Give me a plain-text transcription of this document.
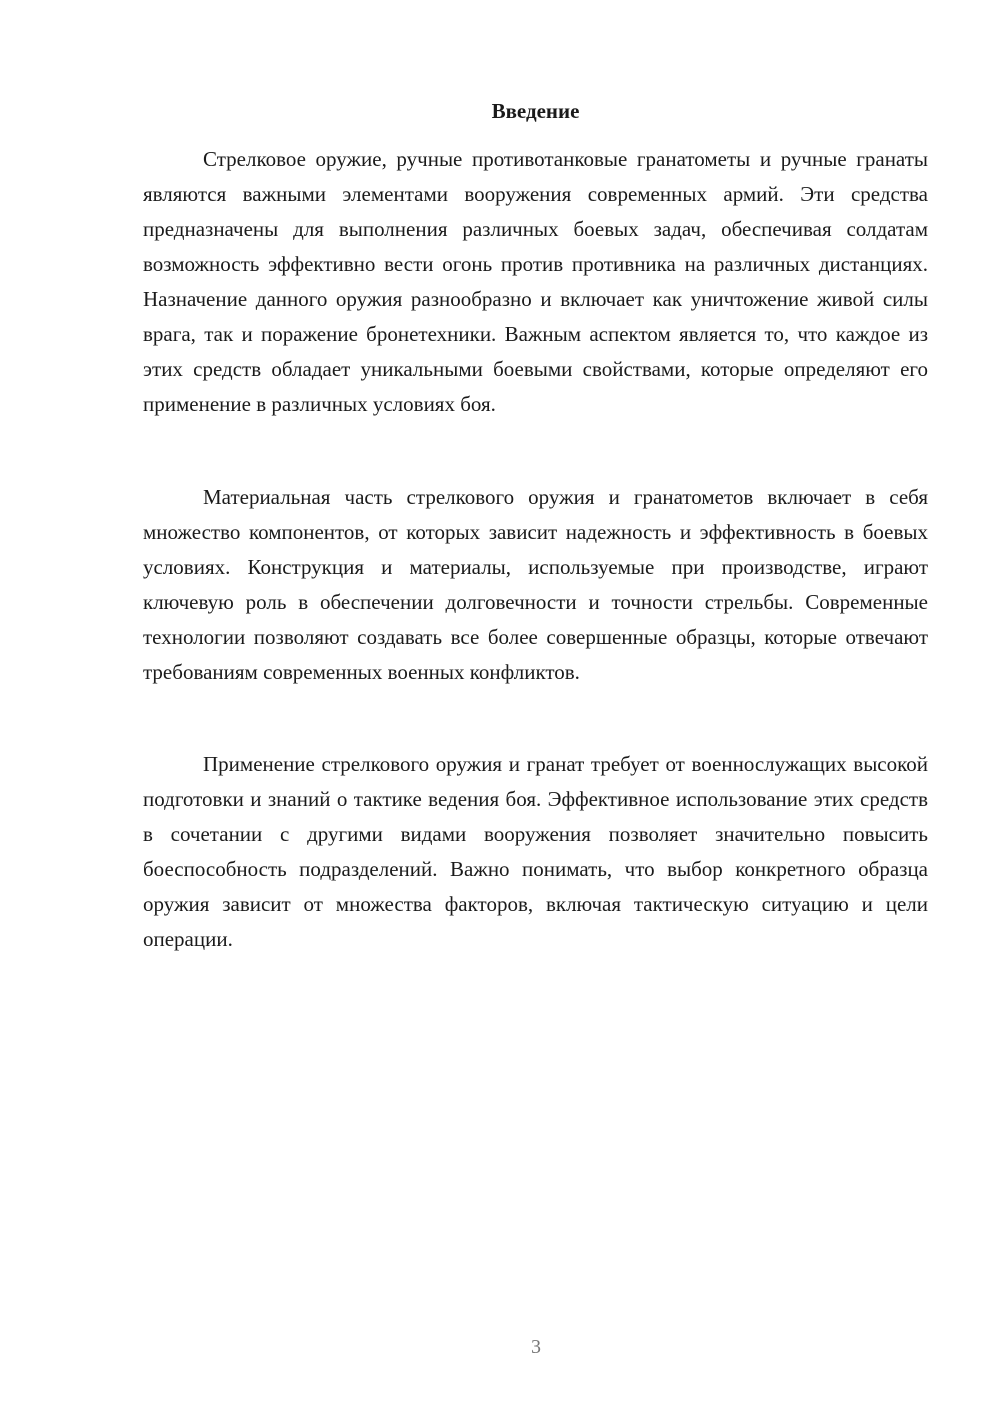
Введение

Стрелковое оружие, ручные противотанковые гранатометы и ручные гранаты являются важными элементами вооружения современных армий. Эти средства предназначены для выполнения различных боевых задач, обеспечивая солдатам возможность эффективно вести огонь против противника на различных дистанциях. Назначение данного оружия разнообразно и включает как уничтожение живой силы врага, так и поражение бронетехники. Важным аспектом является то, что каждое из этих средств обладает уникальными боевыми свойствами, которые определяют его применение в различных условиях боя.

Материальная часть стрелкового оружия и гранатометов включает в себя множество компонентов, от которых зависит надежность и эффективность в боевых условиях. Конструкция и материалы, используемые при производстве, играют ключевую роль в обеспечении долговечности и точности стрельбы. Современные технологии позволяют создавать все более совершенные образцы, которые отвечают требованиям современных военных конфликтов.

Применение стрелкового оружия и гранат требует от военнослужащих высокой подготовки и знаний о тактике ведения боя. Эффективное использование этих средств в сочетании с другими видами вооружения позволяет значительно повысить боеспособность подразделений. Важно понимать, что выбор конкретного образца оружия зависит от множества факторов, включая тактическую ситуацию и цели операции.

3
